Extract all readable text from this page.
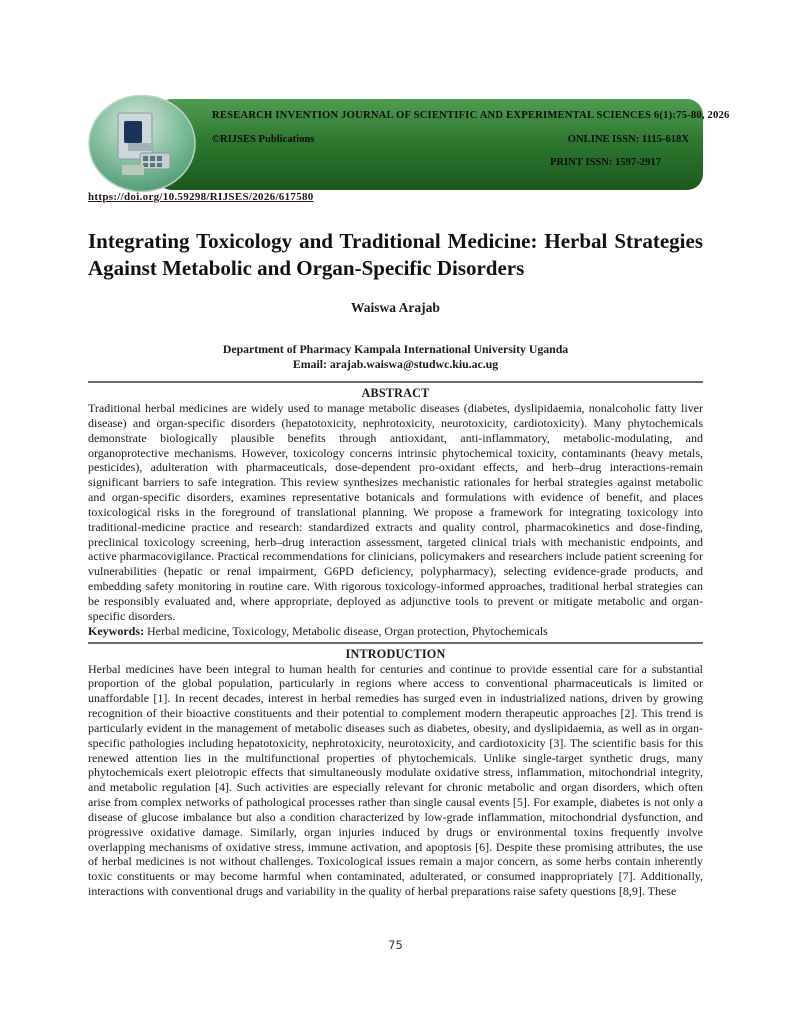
RESEARCH INVENTION JOURNAL OF SCIENTIFIC AND EXPERIMENTAL SCIENCES 6(1):75-80, 2026
©RIJSES Publications	ONLINE ISSN: 1115-618X
PRINT ISSN: 1597-2917
https://doi.org/10.59298/RIJSES/2026/617580
Integrating Toxicology and Traditional Medicine: Herbal Strategies Against Metabolic and Organ-Specific Disorders
Waiswa Arajab
Department of Pharmacy Kampala International University Uganda
Email: arajab.waiswa@studwc.kiu.ac.ug
ABSTRACT

Traditional herbal medicines are widely used to manage metabolic diseases (diabetes, dyslipidaemia, nonalcoholic fatty liver disease) and organ-specific disorders (hepatotoxicity, nephrotoxicity, neurotoxicity, cardiotoxicity). Many phytochemicals demonstrate biologically plausible benefits through antioxidant, anti-inflammatory, metabolic-modulating, and organoprotective mechanisms. However, toxicology concerns intrinsic phytochemical toxicity, contaminants (heavy metals, pesticides), adulteration with pharmaceuticals, dose-dependent pro-oxidant effects, and herb–drug interactions-remain significant barriers to safe integration. This review synthesizes mechanistic rationales for herbal strategies against metabolic and organ-specific disorders, examines representative botanicals and formulations with evidence of benefit, and places toxicological risks in the foreground of translational planning. We propose a framework for integrating toxicology into traditional-medicine practice and research: standardized extracts and quality control, pharmacokinetics and dose-finding, preclinical toxicology screening, herb–drug interaction assessment, targeted clinical trials with mechanistic endpoints, and active pharmacovigilance. Practical recommendations for clinicians, policymakers and researchers include patient screening for vulnerabilities (hepatic or renal impairment, G6PD deficiency, polypharmacy), selecting evidence-grade products, and embedding safety monitoring in routine care. With rigorous toxicology-informed approaches, traditional herbal strategies can be responsibly evaluated and, where appropriate, deployed as adjunctive tools to prevent or mitigate metabolic and organ-specific disorders.

Keywords: Herbal medicine, Toxicology, Metabolic disease, Organ protection, Phytochemicals

INTRODUCTION

Herbal medicines have been integral to human health for centuries and continue to provide essential care for a substantial proportion of the global population, particularly in regions where access to conventional pharmaceuticals is limited or unaffordable [1]. In recent decades, interest in herbal remedies has surged even in industrialized nations, driven by growing recognition of their bioactive constituents and their potential to complement modern therapeutic approaches [2]. This trend is particularly evident in the management of metabolic diseases such as diabetes, obesity, and dyslipidaemia, as well as in organ-specific pathologies including hepatotoxicity, nephrotoxicity, neurotoxicity, and cardiotoxicity [3]. The scientific basis for this renewed attention lies in the multifunctional properties of phytochemicals. Unlike single-target synthetic drugs, many phytochemicals exert pleiotropic effects that simultaneously modulate oxidative stress, inflammation, mitochondrial integrity, and metabolic regulation [4]. Such activities are especially relevant for chronic metabolic and organ disorders, which often arise from complex networks of pathological processes rather than single causal events [5]. For example, diabetes is not only a disease of glucose imbalance but also a condition characterized by low-grade inflammation, mitochondrial dysfunction, and progressive oxidative damage. Similarly, organ injuries induced by drugs or environmental toxins frequently involve overlapping mechanisms of oxidative stress, immune activation, and apoptosis [6]. Despite these promising attributes, the use of herbal medicines is not without challenges. Toxicological issues remain a major concern, as some herbs contain inherently toxic constituents or may become harmful when contaminated, adulterated, or consumed inappropriately [7]. Additionally, interactions with conventional drugs and variability in the quality of herbal preparations raise safety questions [8,9]. These

75
